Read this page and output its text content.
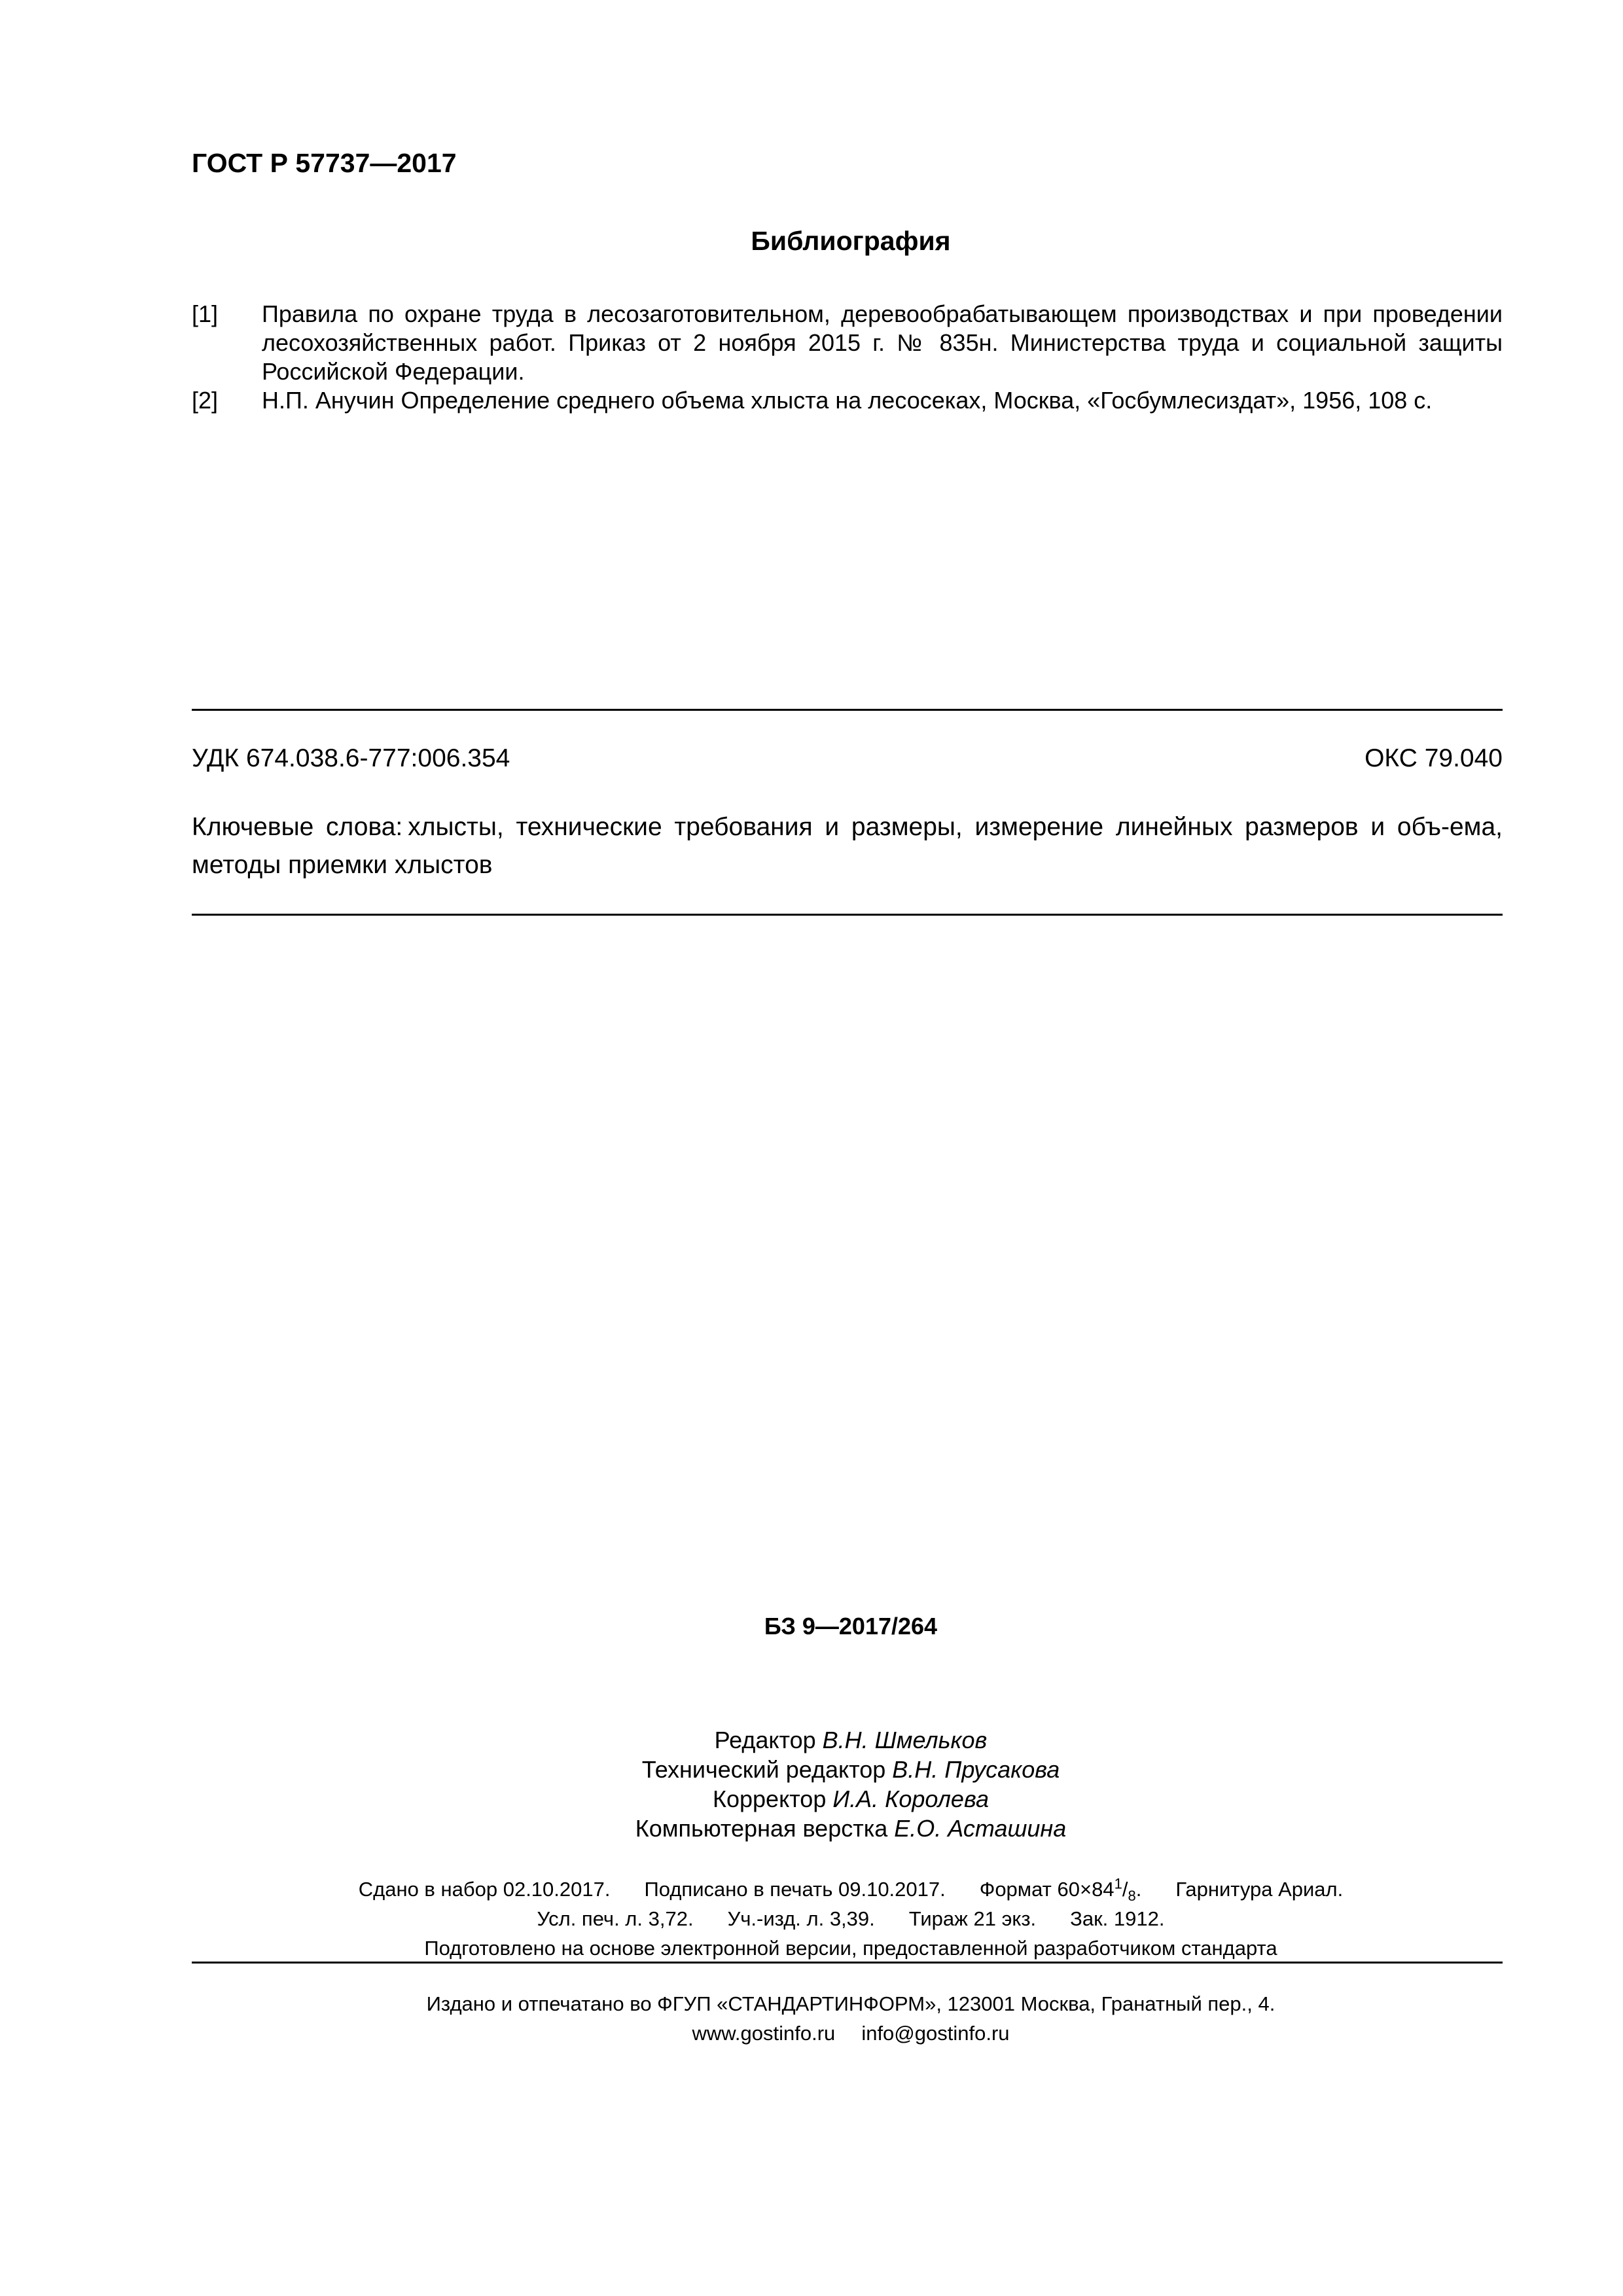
ГОСТ Р 57737—2017
Библиография
[1] Правила по охране труда в лесозаготовительном, деревообрабатывающем производствах и при проведении лесохозяйственных работ. Приказ от 2 ноября 2015 г. № 835н. Министерства труда и социальной защиты Российской Федерации.
[2] Н.П. Анучин Определение среднего объема хлыста на лесосеках, Москва, «Госбумлесиздат», 1956, 108 с.
УДК 674.038.6-777:006.354	ОКС 79.040
Ключевые слова: хлысты, технические требования и размеры, измерение линейных размеров и объ-ема, методы приемки хлыстов
БЗ 9—2017/264
Редактор В.Н. Шмельков
Технический редактор В.Н. Прусакова
Корректор И.А. Королева
Компьютерная верстка Е.О. Асташина
Сдано в набор 02.10.2017. Подписано в печать 09.10.2017. Формат $60\times 84^1/_8$. Гарнитура Ариал.
Усл. печ. л. 3,72. Уч.-изд. л. 3,39. Тираж 21 экз. Зак. 1912.
Подготовлено на основе электронной версии, предоставленной разработчиком стандарта
Издано и отпечатано во ФГУП «СТАНДАРТИНФОРМ», 123001 Москва, Гранатный пер., 4.
www.gostinfo.ru info@gostinfo.ru
